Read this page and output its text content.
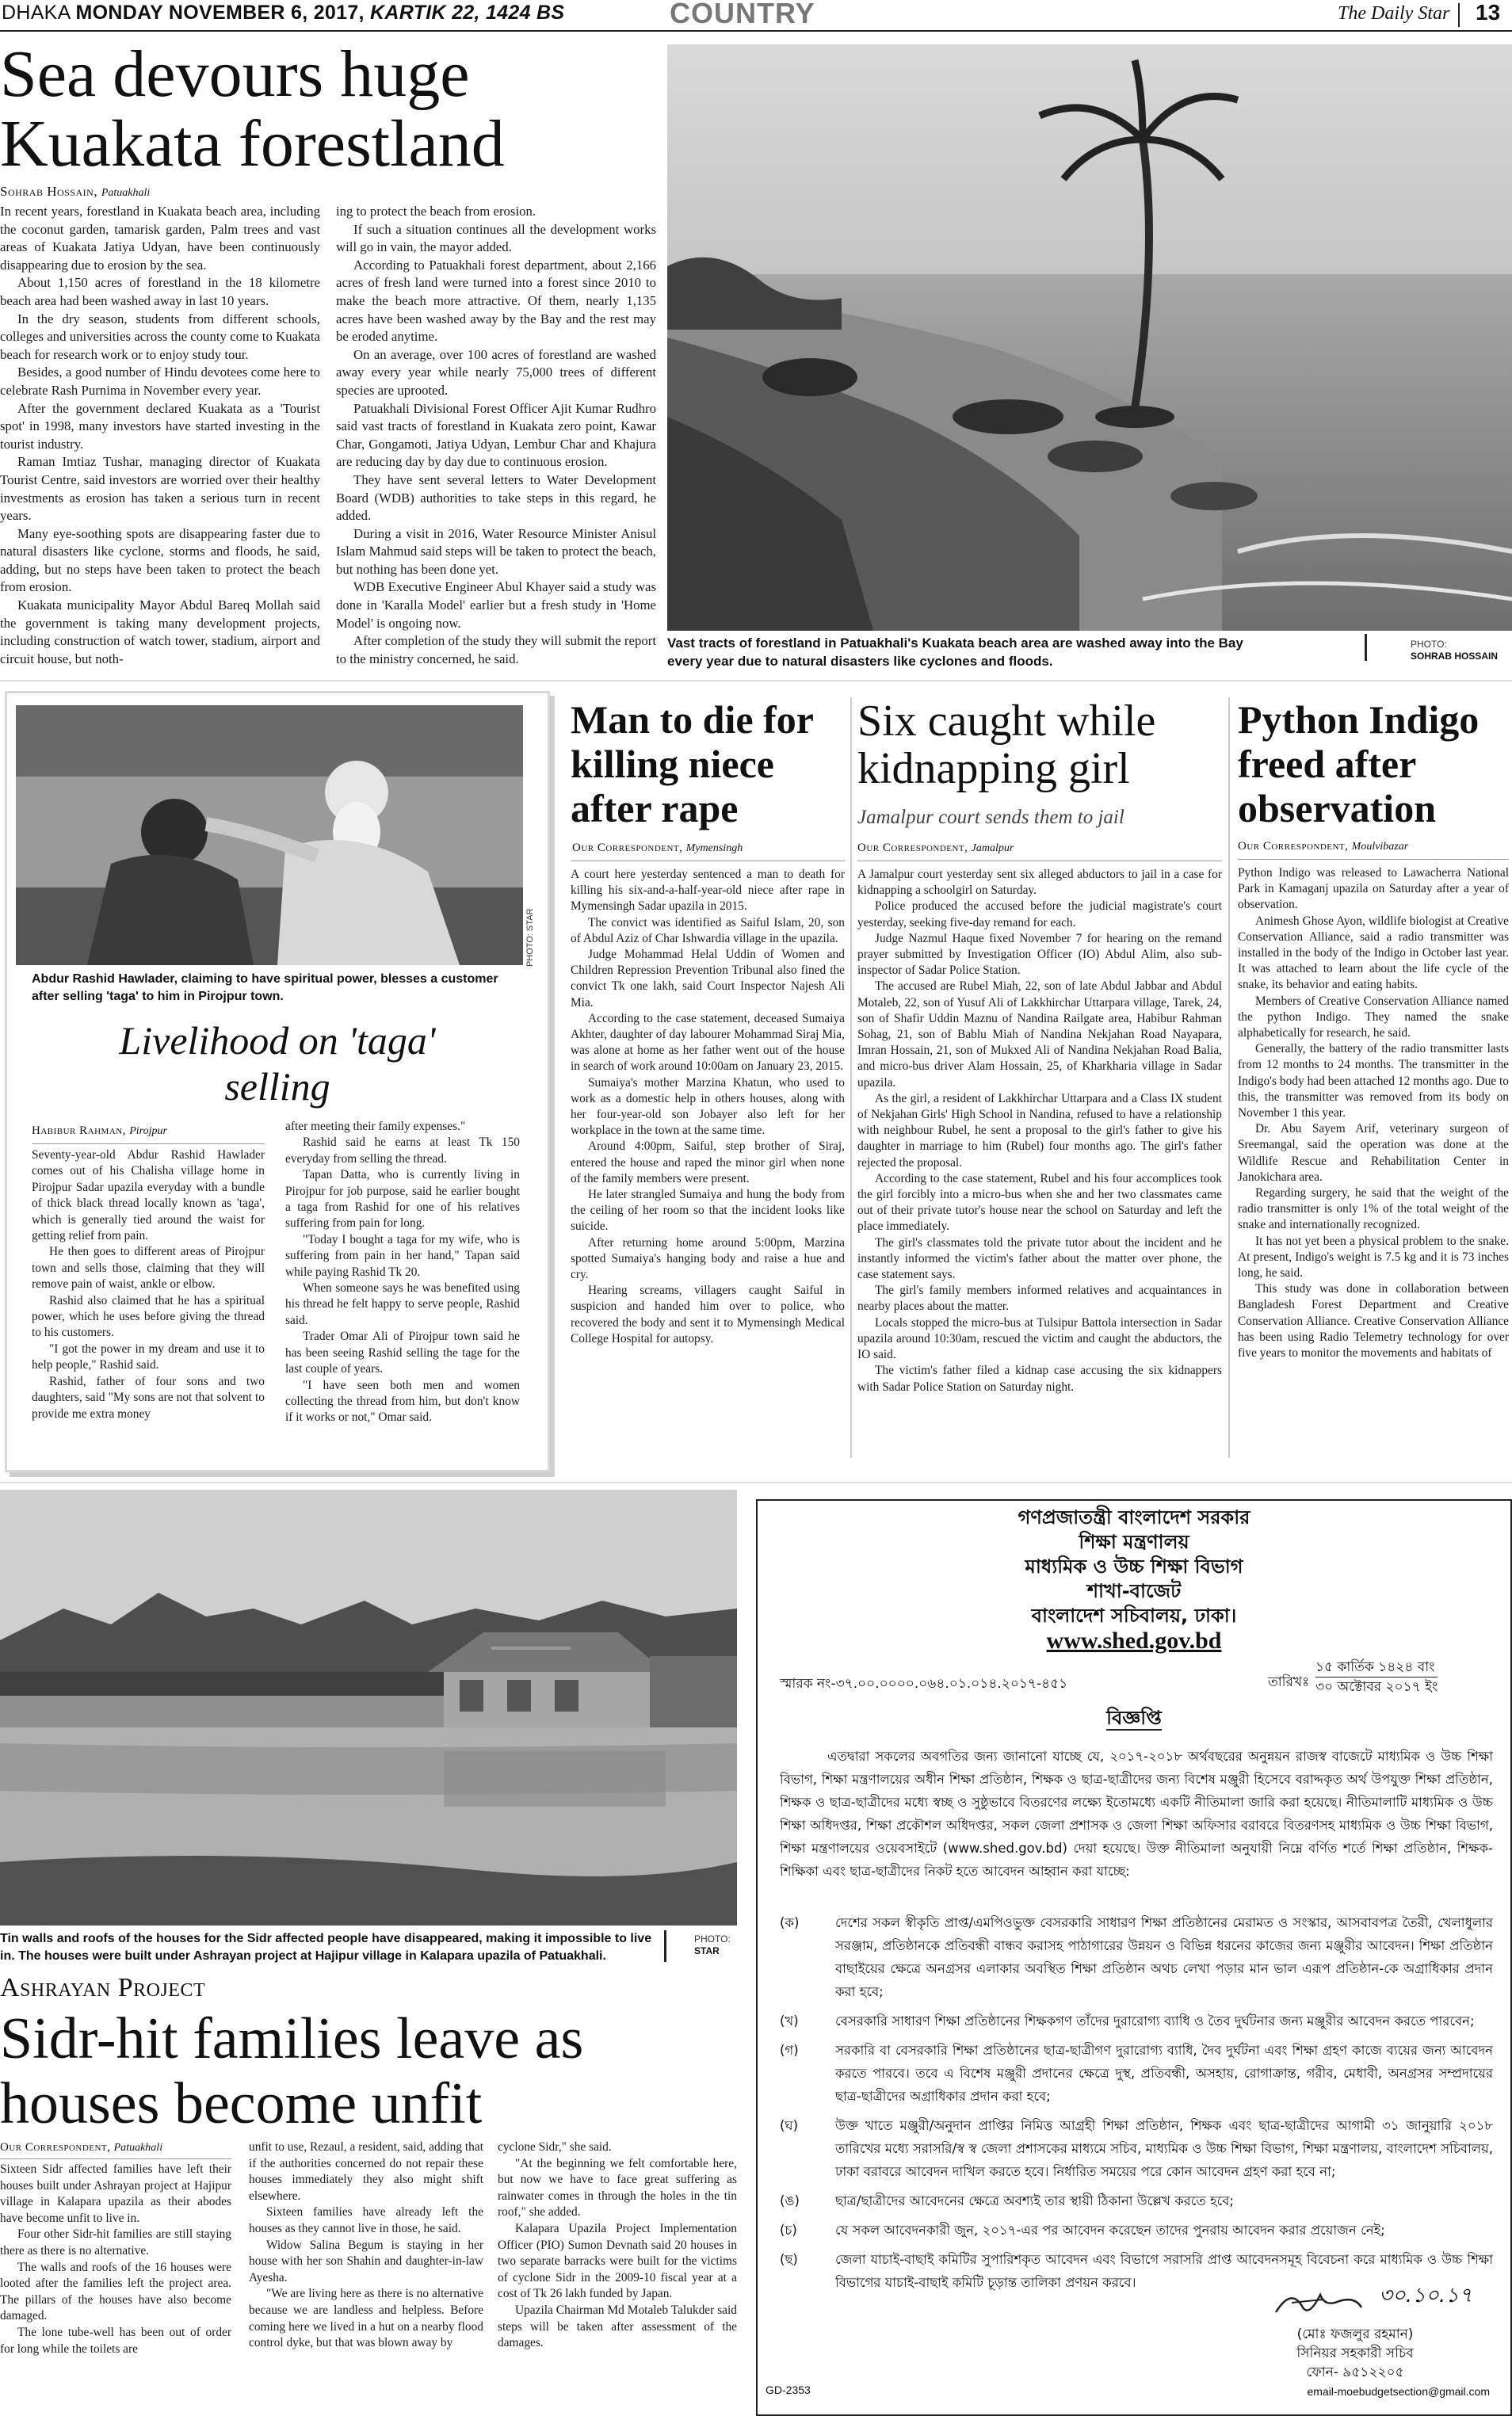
DHAKA MONDAY NOVEMBER 6, 2017, KARTIK 22, 1424 BS	COUNTRY	The Daily Star 13
Sea devours huge
Kuakata forestland
Sohrab Hossain, Patuakhali

In recent years, forestland in Kuakata beach area, including the coconut garden, tamarisk garden, Palm trees and vast areas of Kuakata Jatiya Udyan, have been continuously disappearing due to erosion by the sea.

About 1,150 acres of forestland in the 18 kilometre beach area had been washed away in last 10 years.

In the dry season, students from different schools, colleges and universities across the county come to Kuakata beach for research work or to enjoy study tour.

Besides, a good number of Hindu devotees come here to celebrate Rash Purnima in November every year.

After the government declared Kuakata as a 'Tourist spot' in 1998, many investors have started investing in the tourist industry.

Raman Imtiaz Tushar, managing director of Kuakata Tourist Centre, said investors are worried over their healthy investments as erosion has taken a serious turn in recent years.

Many eye-soothing spots are disappearing faster due to natural disasters like cyclone, storms and floods, he said, adding, but no steps have been taken to protect the beach from erosion.

Kuakata municipality Mayor Abdul Bareq Mollah said the government is taking many development projects, including construction of watch tower, stadium, airport and circuit house, but noth-

ing to protect the beach from erosion.

If such a situation continues all the development works will go in vain, the mayor added.

According to Patuakhali forest department, about 2,166 acres of fresh land were turned into a forest since 2010 to make the beach more attractive. Of them, nearly 1,135 acres have been washed away by the Bay and the rest may be eroded anytime.

On an average, over 100 acres of forestland are washed away every year while nearly 75,000 trees of different species are uprooted.

Patuakhali Divisional Forest Officer Ajit Kumar Rudhro said vast tracts of forestland in Kuakata zero point, Kawar Char, Gongamoti, Jatiya Udyan, Lembur Char and Khajura are reducing day by day due to continuous erosion.

They have sent several letters to Water Development Board (WDB) authorities to take steps in this regard, he added.

During a visit in 2016, Water Resource Minister Anisul Islam Mahmud said steps will be taken to protect the beach, but nothing has been done yet.

WDB Executive Engineer Abul Khayer said a study was done in 'Karalla Model' earlier but a fresh study in 'Home Model' is ongoing now.

After completion of the study they will submit the report to the ministry concerned, he said.

Vast tracts of forestland in Patuakhali's Kuakata beach area are washed away into the Bay every year due to natural disasters like cyclones and floods.
PHOTO:
SOHRAB HOSSAIN
PHOTO: STAR
Abdur Rashid Hawlader, claiming to have spiritual power, blesses a customer after selling 'taga' to him in Pirojpur town.
Livelihood on 'taga'
selling
Habibur Rahman, Pirojpur

Seventy-year-old Abdur Rashid Hawlader comes out of his Chalisha village home in Pirojpur Sadar upazila everyday with a bundle of thick black thread locally known as 'taga', which is generally tied around the waist for getting relief from pain.

He then goes to different areas of Pirojpur town and sells those, claiming that they will remove pain of waist, ankle or elbow.

Rashid also claimed that he has a spiritual power, which he uses before giving the thread to his customers.

"I got the power in my dream and use it to help people," Rashid said.

Rashid, father of four sons and two daughters, said "My sons are not that solvent to provide me extra money

after meeting their family expenses."

Rashid said he earns at least Tk 150 everyday from selling the thread.

Tapan Datta, who is currently living in Pirojpur for job purpose, said he earlier bought a taga from Rashid for one of his relatives suffering from pain for long.

"Today I bought a taga for my wife, who is suffering from pain in her hand," Tapan said while paying Rashid Tk 20.

When someone says he was benefited using his thread he felt happy to serve people, Rashid said.

Trader Omar Ali of Pirojpur town said he has been seeing Rashid selling the tage for the last couple of years.

"I have seen both men and women collecting the thread from him, but don't know if it works or not," Omar said.

Man to die for
killing niece
after rape
Our Correspondent, Mymensingh

A court here yesterday sentenced a man to death for killing his six-and-a-half-year-old niece after rape in Mymensingh Sadar upazila in 2015.

The convict was identified as Saiful Islam, 20, son of Abdul Aziz of Char Ishwardia village in the upazila.

Judge Mohammad Helal Uddin of Women and Children Repression Prevention Tribunal also fined the convict Tk one lakh, said Court Inspector Najesh Ali Mia.

According to the case statement, deceased Sumaiya Akhter, daughter of day labourer Mohammad Siraj Mia, was alone at home as her father went out of the house in search of work around 10:00am on January 23, 2015.

Sumaiya's mother Marzina Khatun, who used to work as a domestic help in others houses, along with her four-year-old son Jobayer also left for her workplace in the town at the same time.

Around 4:00pm, Saiful, step brother of Siraj, entered the house and raped the minor girl when none of the family members were present.

He later strangled Sumaiya and hung the body from the ceiling of her room so that the incident looks like suicide.

After returning home around 5:00pm, Marzina spotted Sumaiya's hanging body and raise a hue and cry.

Hearing screams, villagers caught Saiful in suspicion and handed him over to police, who recovered the body and sent it to Mymensingh Medical College Hospital for autopsy.

Six caught while
kidnapping girl
Jamalpur court sends them to jail
Our Correspondent, Jamalpur

A Jamalpur court yesterday sent six alleged abductors to jail in a case for kidnapping a schoolgirl on Saturday.

Police produced the accused before the judicial magistrate's court yesterday, seeking five-day remand for each.

Judge Nazmul Haque fixed November 7 for hearing on the remand prayer submitted by Investigation Officer (IO) Abdul Alim, also sub-inspector of Sadar Police Station.

The accused are Rubel Miah, 22, son of late Abdul Jabbar and Abdul Motaleb, 22, son of Yusuf Ali of Lakkhirchar Uttarpara village, Tarek, 24, son of Shafir Uddin Maznu of Nandina Railgate area, Habibur Rahman Sohag, 21, son of Bablu Miah of Nandina Nekjahan Road Nayapara, Imran Hossain, 21, son of Mukxed Ali of Nandina Nekjahan Road Balia, and micro-bus driver Alam Hossain, 25, of Kharkharia village in Sadar upazila.

As the girl, a resident of Lakkhirchar Uttarpara and a Class IX student of Nekjahan Girls' High School in Nandina, refused to have a relationship with neighbour Rubel, he sent a proposal to the girl's father to give his daughter in marriage to him (Rubel) four months ago. The girl's father rejected the proposal.

According to the case statement, Rubel and his four accomplices took the girl forcibly into a micro-bus when she and her two classmates came out of their private tutor's house near the school on Saturday and left the place immediately.

The girl's classmates told the private tutor about the incident and he instantly informed the victim's father about the matter over phone, the case statement says.

The girl's family members informed relatives and acquaintances in nearby places about the matter.

Locals stopped the micro-bus at Tulsipur Battola intersection in Sadar upazila around 10:30am, rescued the victim and caught the abductors, the IO said.

The victim's father filed a kidnap case accusing the six kidnappers with Sadar Police Station on Saturday night.

Python Indigo
freed after
observation
Our Correspondent, Moulvibazar

Python Indigo was released to Lawacherra National Park in Kamaganj upazila on Saturday after a year of observation.

Animesh Ghose Ayon, wildlife biologist at Creative Conservation Alliance, said a radio transmitter was installed in the body of the Indigo in October last year. It was attached to learn about the life cycle of the snake, its behavior and eating habits.

Members of Creative Conservation Alliance named the python Indigo. They named the snake alphabetically for research, he said.

Generally, the battery of the radio transmitter lasts from 12 months to 24 months. The transmitter in the Indigo's body had been attached 12 months ago. Due to this, the transmitter was removed from its body on November 1 this year.

Dr. Abu Sayem Arif, veterinary surgeon of Sreemangal, said the operation was done at the Wildlife Rescue and Rehabilitation Center in Janokichara area.

Regarding surgery, he said that the weight of the radio transmitter is only 1% of the total weight of the snake and internationally recognized.

It has not yet been a physical problem to the snake. At present, Indigo's weight is 7.5 kg and it is 73 inches long, he said.

This study was done in collaboration between Bangladesh Forest Department and Creative Conservation Alliance. Creative Conservation Alliance has been using Radio Telemetry technology for over five years to monitor the movements and habitats of

Tin walls and roofs of the houses for the Sidr affected people have disappeared, making it impossible to live in. The houses were built under Ashrayan project at Hajipur village in Kalapara upazila of Patuakhali.
PHOTO:
STAR
Ashrayan Project
Sidr-hit families leave as
houses become unfit
Our Correspondent, Patuakhali

Sixteen Sidr affected families have left their houses built under Ashrayan project at Hajipur village in Kalapara upazila as their abodes have become unfit to live in.

Four other Sidr-hit families are still staying there as there is no alternative.

The walls and roofs of the 16 houses were looted after the families left the project area. The pillars of the houses have also become damaged.

The lone tube-well has been out of order for long while the toilets are

unfit to use, Rezaul, a resident, said, adding that if the authorities concerned do not repair these houses immediately they also might shift elsewhere.

Sixteen families have already left the houses as they cannot live in those, he said.

Widow Salina Begum is staying in her house with her son Shahin and daughter-in-law Ayesha.

"We are living here as there is no alternative because we are landless and helpless. Before coming here we lived in a hut on a nearby flood control dyke, but that was blown away by

cyclone Sidr," she said.

"At the beginning we felt comfortable here, but now we have to face great suffering as rainwater comes in through the holes in the tin roof," she added.

Kalapara Upazila Project Implementation Officer (PIO) Sumon Devnath said 20 houses in two separate barracks were built for the victims of cyclone Sidr in the 2009-10 fiscal year at a cost of Tk 26 lakh funded by Japan.

Upazila Chairman Md Motaleb Talukder said steps will be taken after assessment of the damages.

গণপ্রজাতন্ত্রী বাংলাদেশ সরকার
শিক্ষা মন্ত্রণালয়
মাধ্যমিক ও উচ্চ শিক্ষা বিভাগ
শাখা-বাজেট
বাংলাদেশ সচিবালয়, ঢাকা।
www.shed.gov.bd
স্মারক নং-৩৭.০০.০০০০.০৬৪.০১.০১৪.২০১৭-৪৫১	তারিখঃ
১৫ কার্তিক ১৪২৪ বাং
৩০ অক্টোবর ২০১৭ ইং
বিজ্ঞপ্তি
এতদ্বারা সকলের অবগতির জন্য জানানো যাচ্ছে যে, ২০১৭-২০১৮ অর্থবছরের অনুন্নয়ন রাজস্ব বাজেটে মাধ্যমিক ও উচ্চ শিক্ষা বিভাগ, শিক্ষা মন্ত্রণালয়ের অধীন শিক্ষা প্রতিষ্ঠান, শিক্ষক ও ছাত্র-ছাত্রীদের জন্য বিশেষ মঞ্জুরী হিসেবে বরাদ্দকৃত অর্থ উপযুক্ত শিক্ষা প্রতিষ্ঠান, শিক্ষক ও ছাত্র-ছাত্রীদের মধ্যে স্বচ্ছ ও সুষ্ঠুভাবে বিতরণের লক্ষ্যে ইতোমধ্যে একটি নীতিমালা জারি করা হয়েছে। নীতিমালাটি মাধ্যমিক ও উচ্চ শিক্ষা অধিদপ্তর, শিক্ষা প্রকৌশল অধিদপ্তর, সকল জেলা প্রশাসক ও জেলা শিক্ষা অফিসার বরাবরে বিতরণসহ মাধ্যমিক ও উচ্চ শিক্ষা বিভাগ, শিক্ষা মন্ত্রণালয়ের ওয়েবসাইটে (www.shed.gov.bd) দেয়া হয়েছে। উক্ত নীতিমালা অনুযায়ী নিম্নে বর্ণিত শর্তে শিক্ষা প্রতিষ্ঠান, শিক্ষক-শিক্ষিকা এবং ছাত্র-ছাত্রীদের নিকট হতে আবেদন আহ্বান করা যাচ্ছে:
(ক)	দেশের সকল স্বীকৃতি প্রাপ্ত/এমপিওভুক্ত বেসরকারি সাধারণ শিক্ষা প্রতিষ্ঠানের মেরামত ও সংস্কার, আসবাবপত্র তৈরী, খেলাধুলার সরঞ্জাম, প্রতিষ্ঠানকে প্রতিবন্ধী বান্ধব করাসহ পাঠাগারের উন্নয়ন ও বিভিন্ন ধরনের কাজের জন্য মঞ্জুরীর আবেদন। শিক্ষা প্রতিষ্ঠান বাছাইয়ের ক্ষেত্রে অনগ্রসর এলাকার অবস্থিত শিক্ষা প্রতিষ্ঠান অথচ লেখা পড়ার মান ভাল এরূপ প্রতিষ্ঠান-কে অগ্রাধিকার প্রদান করা হবে;
(খ)	বেসরকারি সাধারণ শিক্ষা প্রতিষ্ঠানের শিক্ষকগণ তাঁদের দুরারোগ্য ব্যাধি ও তৈব দুর্ঘটনার জন্য মঞ্জুরীর আবেদন করতে পারবেন;
(গ)	সরকারি বা বেসরকারি শিক্ষা প্রতিষ্ঠানের ছাত্র-ছাত্রীগণ দুরারোগ্য ব্যাধি, দৈব দুর্ঘটনা এবং শিক্ষা গ্রহণ কাজে ব্যয়ের জন্য আবেদন করতে পারবে। তবে এ বিশেষ মঞ্জুরী প্রদানের ক্ষেত্রে দুস্থ, প্রতিবন্ধী, অসহায়, রোগাক্রান্ত, গরীব, মেধাবী, অনগ্রসর সম্প্রদায়ের ছাত্র-ছাত্রীদের অগ্রাধিকার প্রদান করা হবে;
(ঘ)	উক্ত খাতে মঞ্জুরী/অনুদান প্রাপ্তির নিমিত্ত আগ্রহী শিক্ষা প্রতিষ্ঠান, শিক্ষক এবং ছাত্র-ছাত্রীদের আগামী ৩১ জানুয়ারি ২০১৮ তারিখের মধ্যে সরাসরি/স্ব স্ব জেলা প্রশাসকের মাধ্যমে সচিব, মাধ্যমিক ও উচ্চ শিক্ষা বিভাগ, শিক্ষা মন্ত্রণালয়, বাংলাদেশ সচিবালয়, ঢাকা বরাবরে আবেদন দাখিল করতে হবে। নির্ধারিত সময়ের পরে কোন আবেদন গ্রহণ করা হবে না;
(ঙ)	ছাত্র/ছাত্রীদের আবেদনের ক্ষেত্রে অবশ্যই তার স্থায়ী ঠিকানা উল্লেখ করতে হবে;
(চ)	যে সকল আবেদনকারী জুন, ২০১৭-এর পর আবেদন করেছেন তাদের পুনরায় আবেদন করার প্রয়োজন নেই;
(ছ)	জেলা যাচাই-বাছাই কমিটির সুপারিশকৃত আবেদন এবং বিভাগে সরাসরি প্রাপ্ত আবেদনসমূহ বিবেচনা করে মাধ্যমিক ও উচ্চ শিক্ষা বিভাগের যাচাই-বাছাই কমিটি চূড়ান্ত তালিকা প্রণয়ন করবে।
৩০.১০.১৭
(মোঃ ফজলুর রহমান)
সিনিয়র সহকারী সচিব
ফোন- ৯৫১২২০৫
GD-2353	email-moebudgetsection@gmail.com
